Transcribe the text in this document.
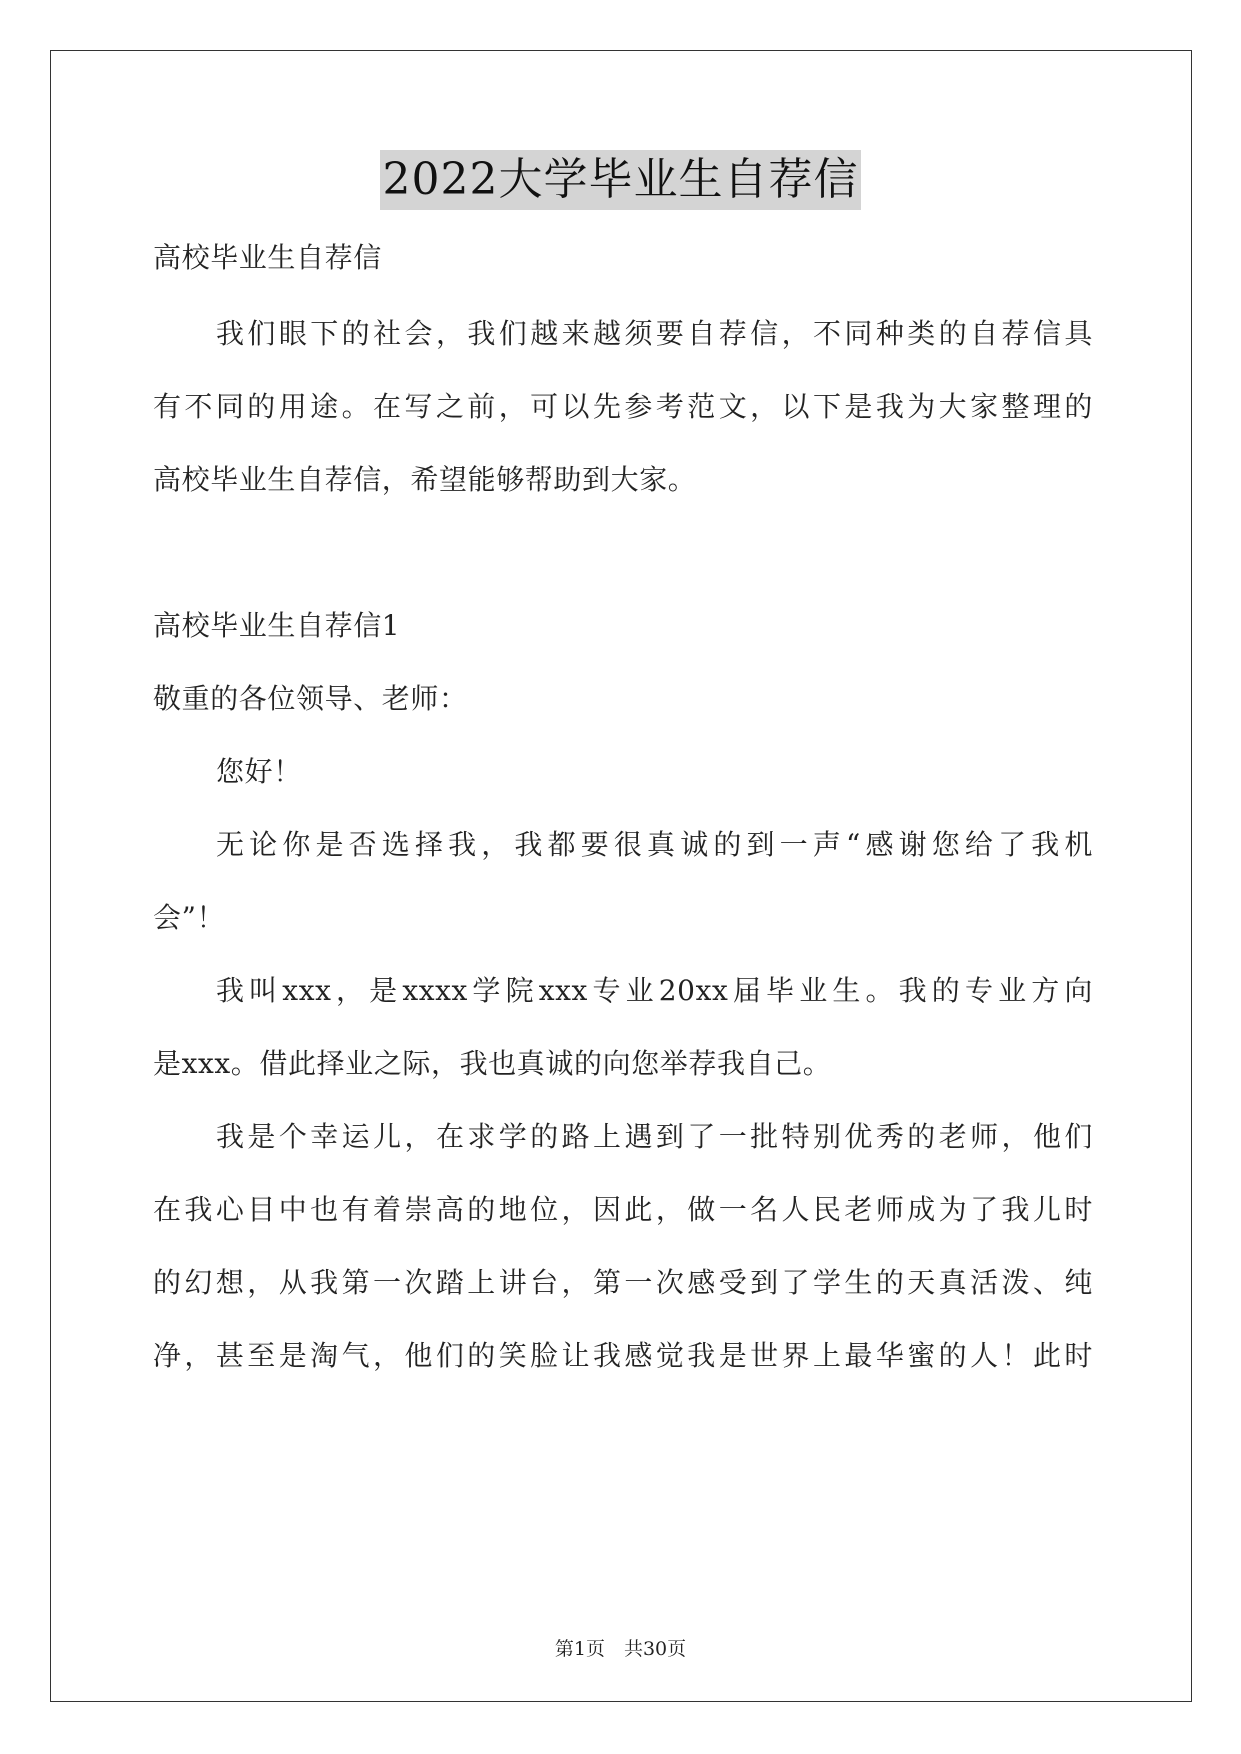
2022大学毕业生自荐信
高校毕业生自荐信
我们眼下的社会，我们越来越须要自荐信，不同种类的自荐信具
有不同的用途。在写之前，可以先参考范文，以下是我为大家整理的
高校毕业生自荐信，希望能够帮助到大家。
高校毕业生自荐信1
敬重的各位领导、老师：
您好！
无论你是否选择我，我都要很真诚的到一声“感谢您给了我机
会”！
我叫xxx，是xxxx学院xxx专业20xx届毕业生。我的专业方向
是xxx。借此择业之际，我也真诚的向您举荐我自己。
我是个幸运儿，在求学的路上遇到了一批特别优秀的老师，他们
在我心目中也有着崇高的地位，因此，做一名人民老师成为了我儿时
的幻想，从我第一次踏上讲台，第一次感受到了学生的天真活泼、纯
净，甚至是淘气，他们的笑脸让我感觉我是世界上最华蜜的人！此时
第1页　共30页
